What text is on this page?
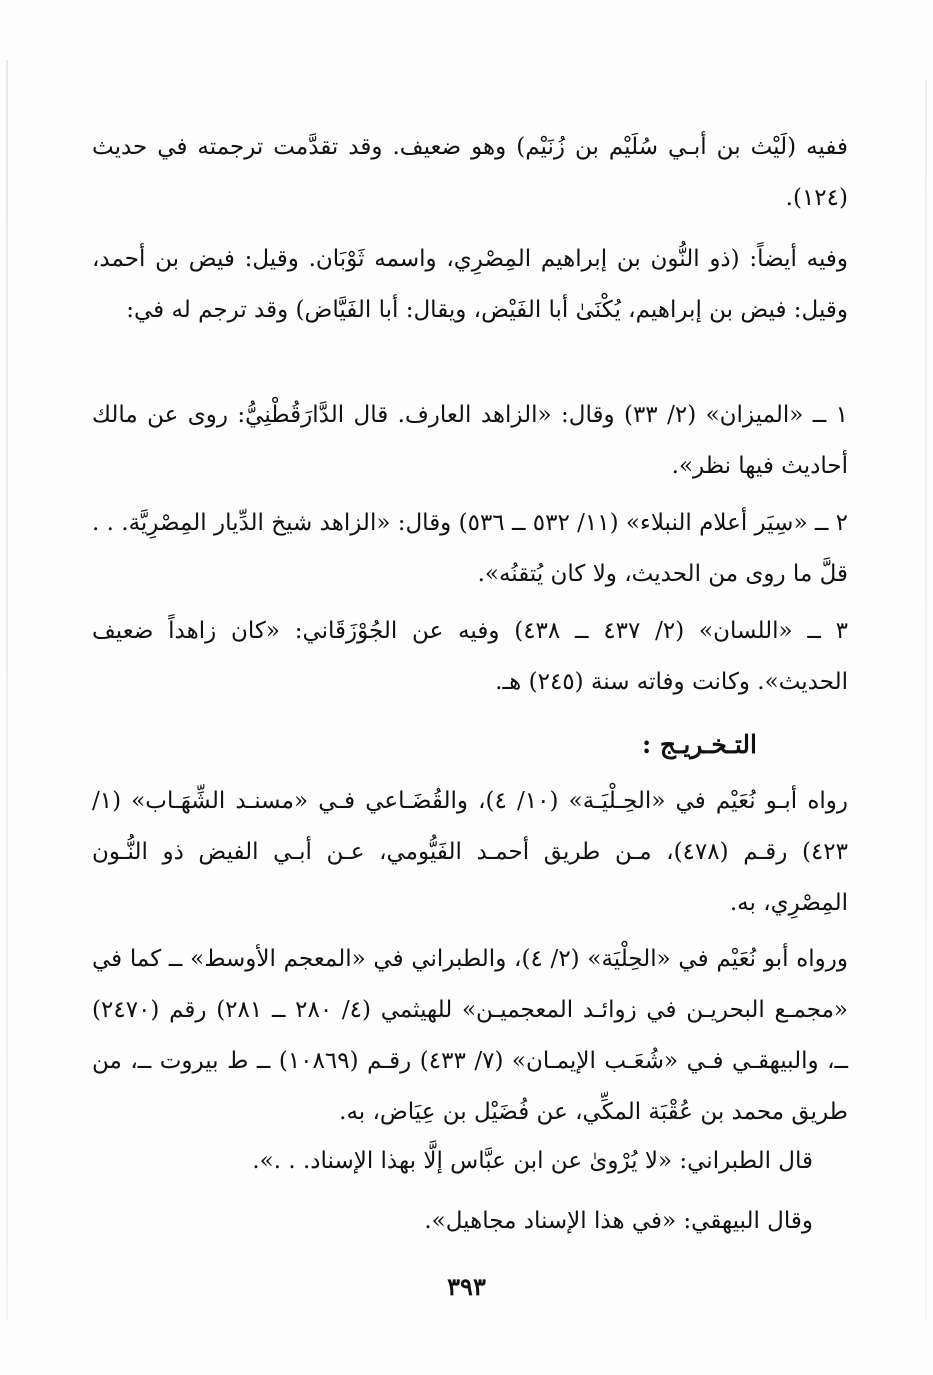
ففيه (لَيْث بن أبـي سُلَيْم بن زُنَيْم) وهو ضعيف. وقد تقدَّمت ترجمته في حديث (١٢٤).

وفيه أيضاً: (ذو النُّون بن إبراهيم المِصْرِي، واسمه ثَوْبَان. وقيل: فيض بن أحمد، وقيل: فيض بن إبراهيم، يُكْنَىٰ أبا الفَيْض، ويقال: أبا الفَيَّاض) وقد ترجم له في:

١ ــ «الميزان» (٢/ ٣٣) وقال: «الزاهد العارف. قال الدَّارَقُطْنِيُّ: روى عن مالك أحاديث فيها نظر».

٢ ــ «سِيَر أعلام النبلاء» (١١/ ٥٣٢ ــ ٥٣٦) وقال: «الزاهد شيخ الدِّيار المِصْرِيَّة. . . قلَّ ما روى من الحديث، ولا كان يُتقنُه».

٣ ــ «اللسان» (٢/ ٤٣٧ ــ ٤٣٨) وفيه عن الجُوْزَقَاني: «كان زاهداً ضعيف الحديث». وكانت وفاته سنة (٢٤٥) هـ.

التـخـريـج :

رواه أبـو نُعَيْم في «الحِـلْيَـة» (١٠/ ٤)، والقُضَـاعي فـي «مسنـد الشِّهَـاب» (١/ ٤٢٣) رقـم (٤٧٨)، مـن طريق أحمـد الفَيُّومي، عـن أبـي الفيض ذو النُّـون المِصْرِي، به.

ورواه أبو نُعَيْم في «الحِلْيَة» (٢/ ٤)، والطبراني في «المعجم الأوسط» ــ كما في «مجمـع البحريـن في زوائـد المعجميـن» للهيثمي (٤/ ٢٨٠ ــ ٢٨١) رقم (٢٤٧٠) ــ، والبيهقـي فـي «شُعَـب الإيمـان» (٧/ ٤٣٣) رقـم (١٠٨٦٩) ــ ط بيروت ــ، من طريق محمد بن عُقْبَة المكِّي، عن فُضَيْل بن عِيَاض، به.

قال الطبراني: «لا يُرْوىٰ عن ابن عبَّاس إلَّا بهذا الإسناد. . .».
وقال البيهقي: «في هذا الإسناد مجاهيل».
٣٩٣
